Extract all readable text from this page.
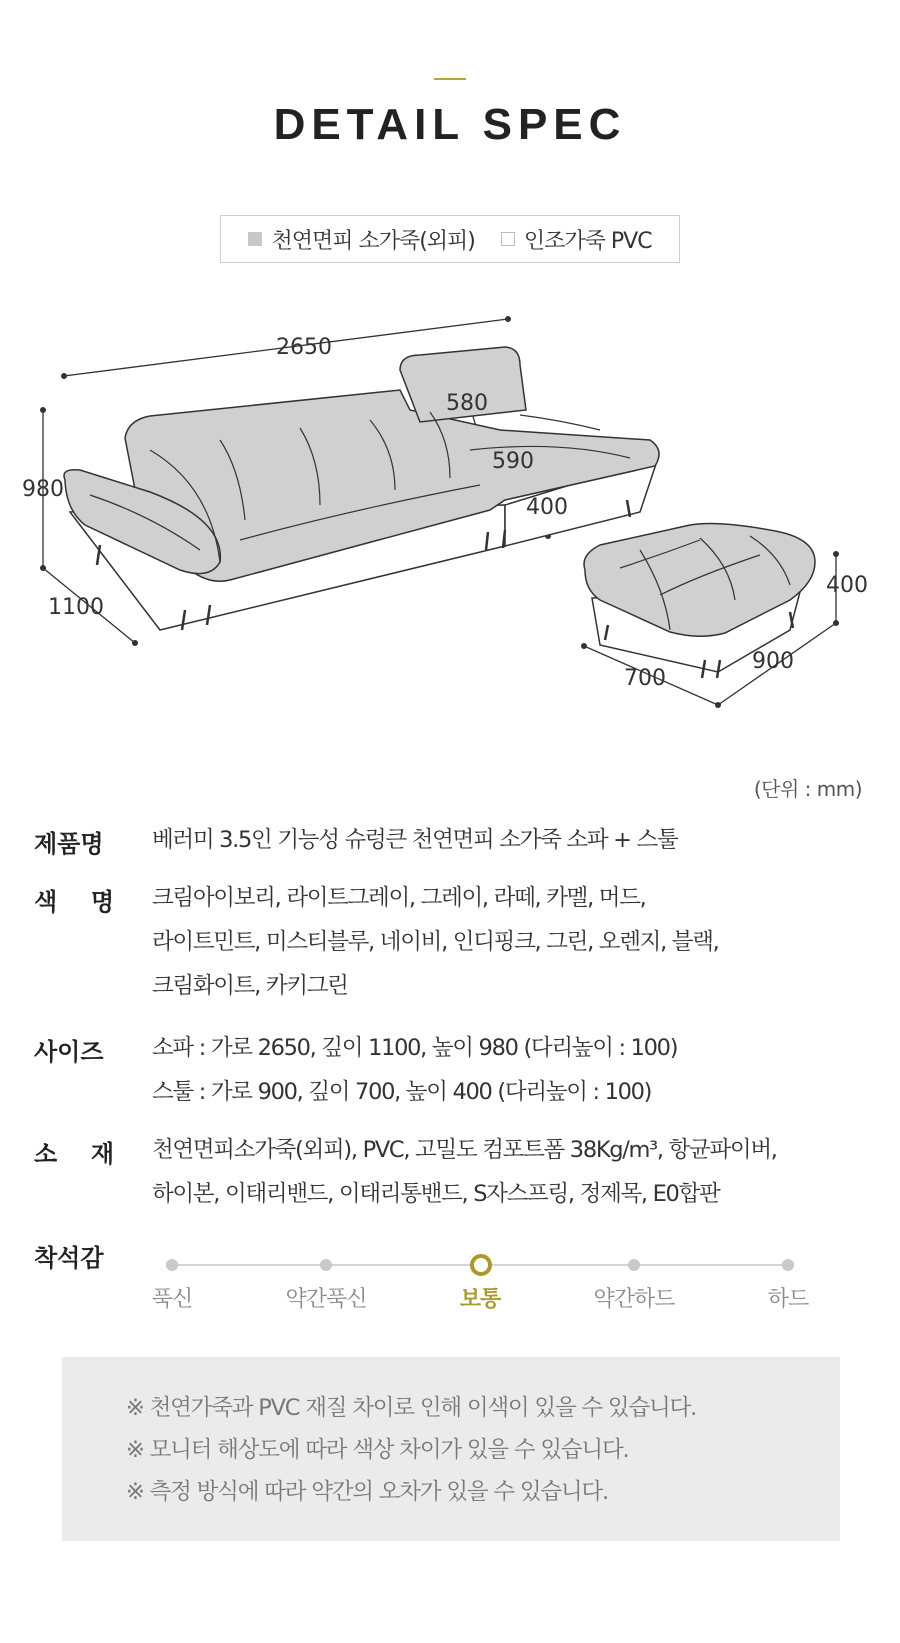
DETAIL SPEC
천연면피 소가죽(외피) 인조가죽 PVC
2650
980
1100
580
590
400
400
700
900
(단위 : mm)
제품명	베러미 3.5인 기능성 슈렁큰 천연면피 소가죽 소파 + 스툴
색 명 크림아이보리, 라이트그레이, 그레이, 라떼, 카멜, 머드,
라이트민트, 미스티블루, 네이비, 인디핑크, 그린, 오렌지, 블랙,
크림화이트, 카키그린
사이즈	소파 : 가로 2650, 깊이 1100, 높이 980 (다리높이 : 100)
스툴 : 가로 900, 깊이 700, 높이 400 (다리높이 : 100)
소 재 천연면피소가죽(외피), PVC, 고밀도 컴포트폼 38Kg/m³, 항균파이버,
하이본, 이태리밴드, 이태리통밴드, S자스프링, 정제목, E0합판
착석감
푹신	약간푹신	보통	약간하드	하드
※ 천연가죽과 PVC 재질 차이로 인해 이색이 있을 수 있습니다.
※ 모니터 해상도에 따라 색상 차이가 있을 수 있습니다.
※ 측정 방식에 따라 약간의 오차가 있을 수 있습니다.
